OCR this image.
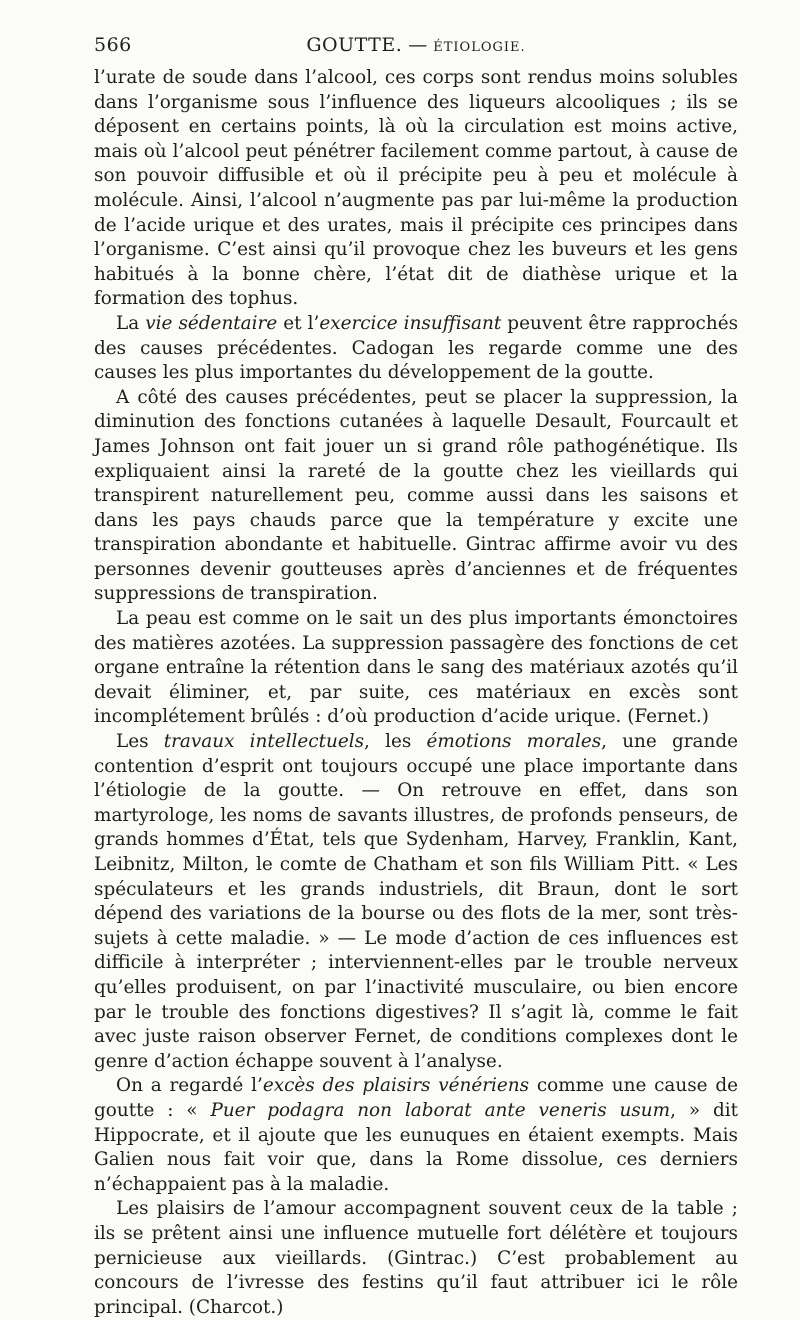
566	GOUTTE. — ÉTIOLOGIE.

l’urate de soude dans l’alcool, ces corps sont rendus moins solubles dans l’organisme sous l’influence des liqueurs alcooliques ; ils se déposent en certains points, là où la circulation est moins active, mais où l’alcool peut pénétrer facilement comme partout, à cause de son pouvoir diffusible et où il précipite peu à peu et molécule à molécule. Ainsi, l’alcool n’augmente pas par lui-même la production de l’acide urique et des urates, mais il précipite ces principes dans l’organisme. C’est ainsi qu’il provoque chez les buveurs et les gens habitués à la bonne chère, l’état dit de diathèse urique et la formation des tophus.

La vie sédentaire et l’exercice insuffisant peuvent être rapprochés des causes précédentes. Cadogan les regarde comme une des causes les plus importantes du développement de la goutte.

A côté des causes précédentes, peut se placer la suppression, la diminution des fonctions cutanées à laquelle Desault, Fourcault et James Johnson ont fait jouer un si grand rôle pathogénétique. Ils expliquaient ainsi la rareté de la goutte chez les vieillards qui transpirent naturellement peu, comme aussi dans les saisons et dans les pays chauds parce que la température y excite une transpiration abondante et habituelle. Gintrac affirme avoir vu des personnes devenir goutteuses après d’anciennes et de fréquentes suppressions de transpiration.

La peau est comme on le sait un des plus importants émonctoires des matières azotées. La suppression passagère des fonctions de cet organe entraîne la rétention dans le sang des matériaux azotés qu’il devait éliminer, et, par suite, ces matériaux en excès sont incomplétement brûlés : d’où production d’acide urique. (Fernet.)

Les travaux intellectuels, les émotions morales, une grande contention d’esprit ont toujours occupé une place importante dans l’étiologie de la goutte. — On retrouve en effet, dans son martyrologe, les noms de savants illustres, de profonds penseurs, de grands hommes d’État, tels que Sydenham, Harvey, Franklin, Kant, Leibnitz, Milton, le comte de Chatham et son fils William Pitt. « Les spéculateurs et les grands industriels, dit Braun, dont le sort dépend des variations de la bourse ou des flots de la mer, sont très-sujets à cette maladie. » — Le mode d’action de ces influences est difficile à interpréter ; interviennent-elles par le trouble nerveux qu’elles produisent, on par l’inactivité musculaire, ou bien encore par le trouble des fonctions digestives? Il s’agit là, comme le fait avec juste raison observer Fernet, de conditions complexes dont le genre d’action échappe souvent à l’analyse.

On a regardé l’excès des plaisirs vénériens comme une cause de goutte : « Puer podagra non laborat ante veneris usum, » dit Hippocrate, et il ajoute que les eunuques en étaient exempts. Mais Galien nous fait voir que, dans la Rome dissolue, ces derniers n’échappaient pas à la maladie.

Les plaisirs de l’amour accompagnent souvent ceux de la table ; ils se prêtent ainsi une influence mutuelle fort délétère et toujours pernicieuse aux vieillards. (Gintrac.) C’est probablement au concours de l’ivresse des festins qu’il faut attribuer ici le rôle principal. (Charcot.)
